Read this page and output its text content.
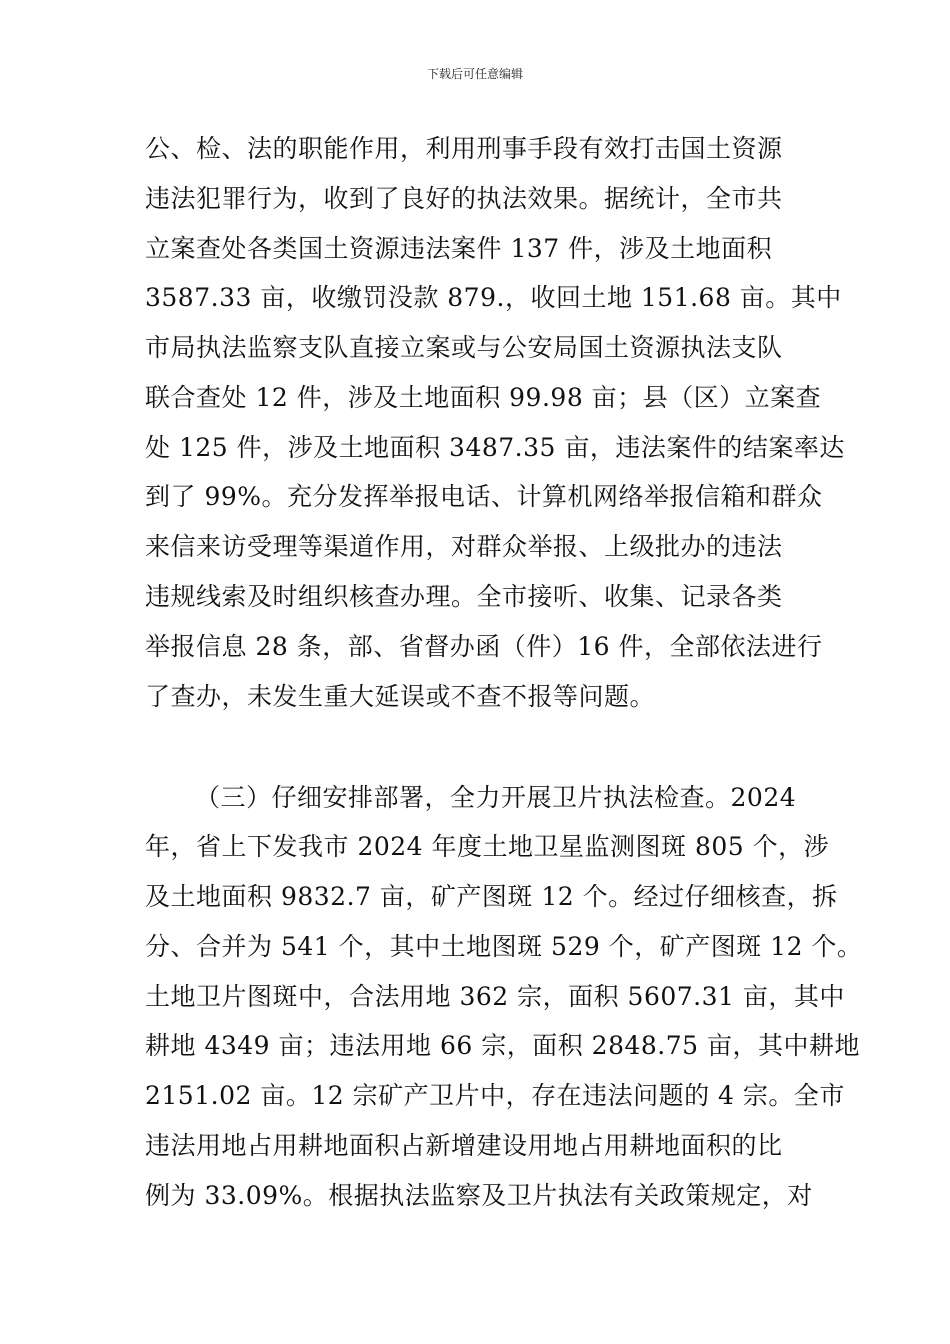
下载后可任意编辑
公、检、法的职能作用，利用刑事手段有效打击国土资源
违法犯罪行为，收到了良好的执法效果。据统计，全市共
立案查处各类国土资源违法案件 137 件，涉及土地面积
3587.33 亩，收缴罚没款 879.，收回土地 151.68 亩。其中
市局执法监察支队直接立案或与公安局国土资源执法支队
联合查处 12 件，涉及土地面积 99.98 亩；县（区）立案查
处 125 件，涉及土地面积 3487.35 亩，违法案件的结案率达
到了 99%。充分发挥举报电话、计算机网络举报信箱和群众
来信来访受理等渠道作用，对群众举报、上级批办的违法
违规线索及时组织核查办理。全市接听、收集、记录各类
举报信息 28 条，部、省督办函（件）16 件，全部依法进行
了查办，未发生重大延误或不查不报等问题。
（三）仔细安排部署，全力开展卫片执法检查。2024
年，省上下发我市 2024 年度土地卫星监测图斑 805 个，涉
及土地面积 9832.7 亩，矿产图斑 12 个。经过仔细核查，拆
分、合并为 541 个，其中土地图斑 529 个，矿产图斑 12 个。
土地卫片图斑中，合法用地 362 宗，面积 5607.31 亩，其中
耕地 4349 亩；违法用地 66 宗，面积 2848.75 亩，其中耕地
2151.02 亩。12 宗矿产卫片中，存在违法问题的 4 宗。全市
违法用地占用耕地面积占新增建设用地占用耕地面积的比
例为 33.09%。根据执法监察及卫片执法有关政策规定，对
